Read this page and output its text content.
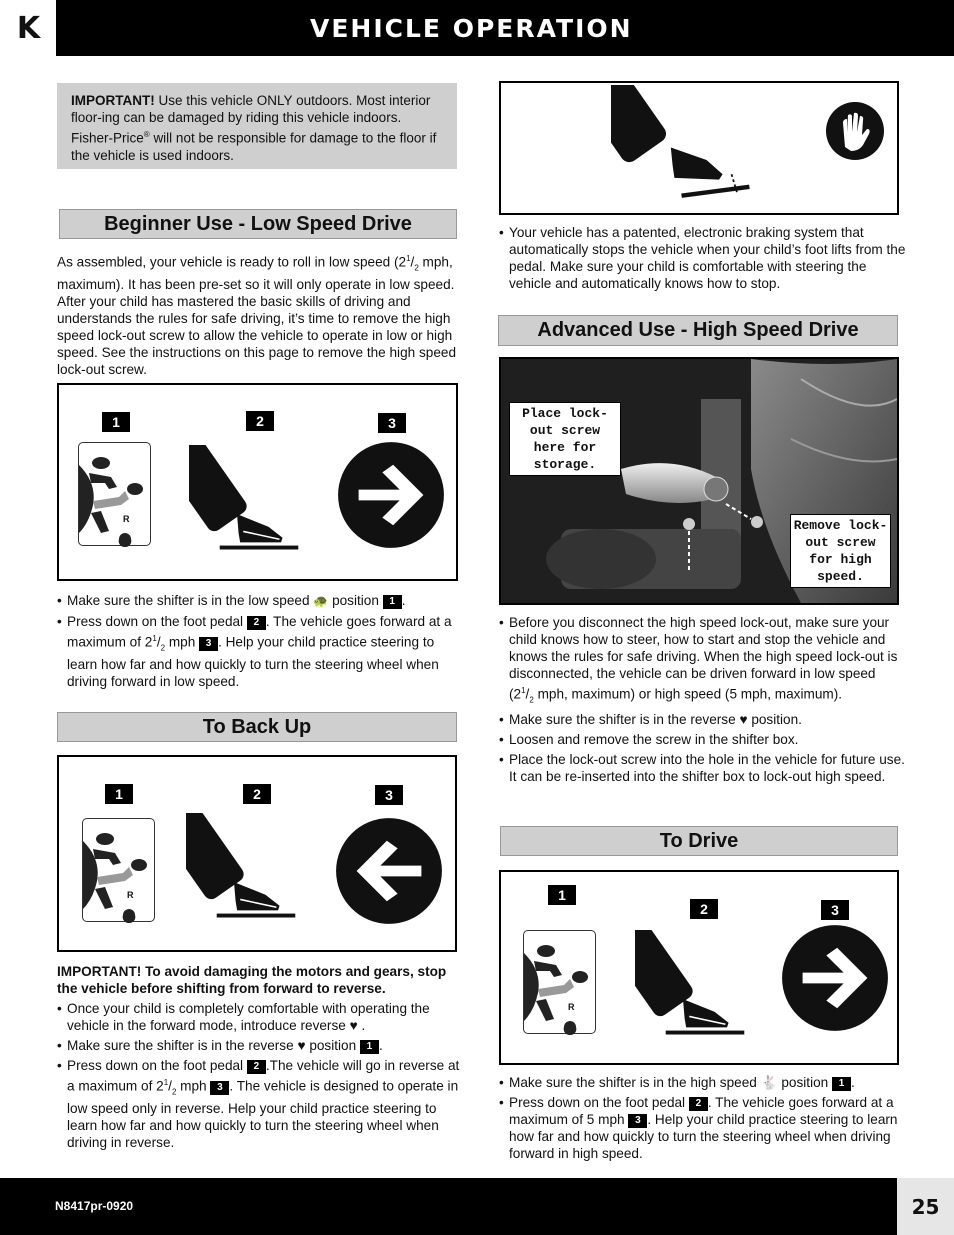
K	VEHICLE OPERATION
N8417pr-0920	25
IMPORTANT! Use this vehicle ONLY outdoors. Most interior floor-ing can be damaged by riding this vehicle indoors. Fisher-Price® will not be responsible for damage to the floor if the vehicle is used indoors.
Beginner Use - Low Speed Drive
As assembled, your vehicle is ready to roll in low speed ($2^1/_2$ mph, maximum). It has been pre-set so it will only operate in low speed. After your child has mastered the basic skills of driving and understands the rules for safe driving, it’s time to remove the high speed lock-out screw to allow the vehicle to operate in low or high speed. See the instructions on this page to remove the high speed lock-out screw.
1	2	3
R
• Make sure the shifter is in the low speed 🐢 position 1 .
• Press down on the foot pedal 2 . The vehicle goes forward at a maximum of $2^1/_2$ mph 3 . Help your child practice steering to learn how far and how quickly to turn the steering wheel when driving forward in low speed.
To Back Up
1	2	3
R
IMPORTANT! To avoid damaging the motors and gears, stop the vehicle before shifting from forward to reverse.
• Once your child is completely comfortable with operating the vehicle in the forward mode, introduce reverse ♥ .
• Make sure the shifter is in the reverse ♥ position 1 .
• Press down on the foot pedal 2 .The vehicle will go in reverse at a maximum of $2^1/_2$ mph 3 . The vehicle is designed to operate in low speed only in reverse. Help your child practice steering to learn how far and how quickly to turn the steering wheel when driving in reverse.
• Your vehicle has a patented, electronic braking system that automatically stops the vehicle when your child’s foot lifts from the pedal. Make sure your child is comfortable with steering the vehicle and automatically knows how to stop.
Advanced Use - High Speed Drive
Place lock-out screw here for storage.
Remove lock-out screw for high speed.
• Before you disconnect the high speed lock-out, make sure your child knows how to steer, how to start and stop the vehicle and knows the rules for safe driving. When the high speed lock-out is disconnected, the vehicle can be driven forward in low speed
($2^1/_2$ mph, maximum) or high speed (5 mph, maximum).
• Make sure the shifter is in the reverse ♥ position.
• Loosen and remove the screw in the shifter box.
• Place the lock-out screw into the hole in the vehicle for future use. It can be re-inserted into the shifter box to lock-out high speed.
To Drive
1
2	3
R
• Make sure the shifter is in the high speed 🐇 position 1 .
• Press down on the foot pedal 2 . The vehicle goes forward at a maximum of 5 mph 3 . Help your child practice steering to learn how far and how quickly to turn the steering wheel when driving forward in high speed.
